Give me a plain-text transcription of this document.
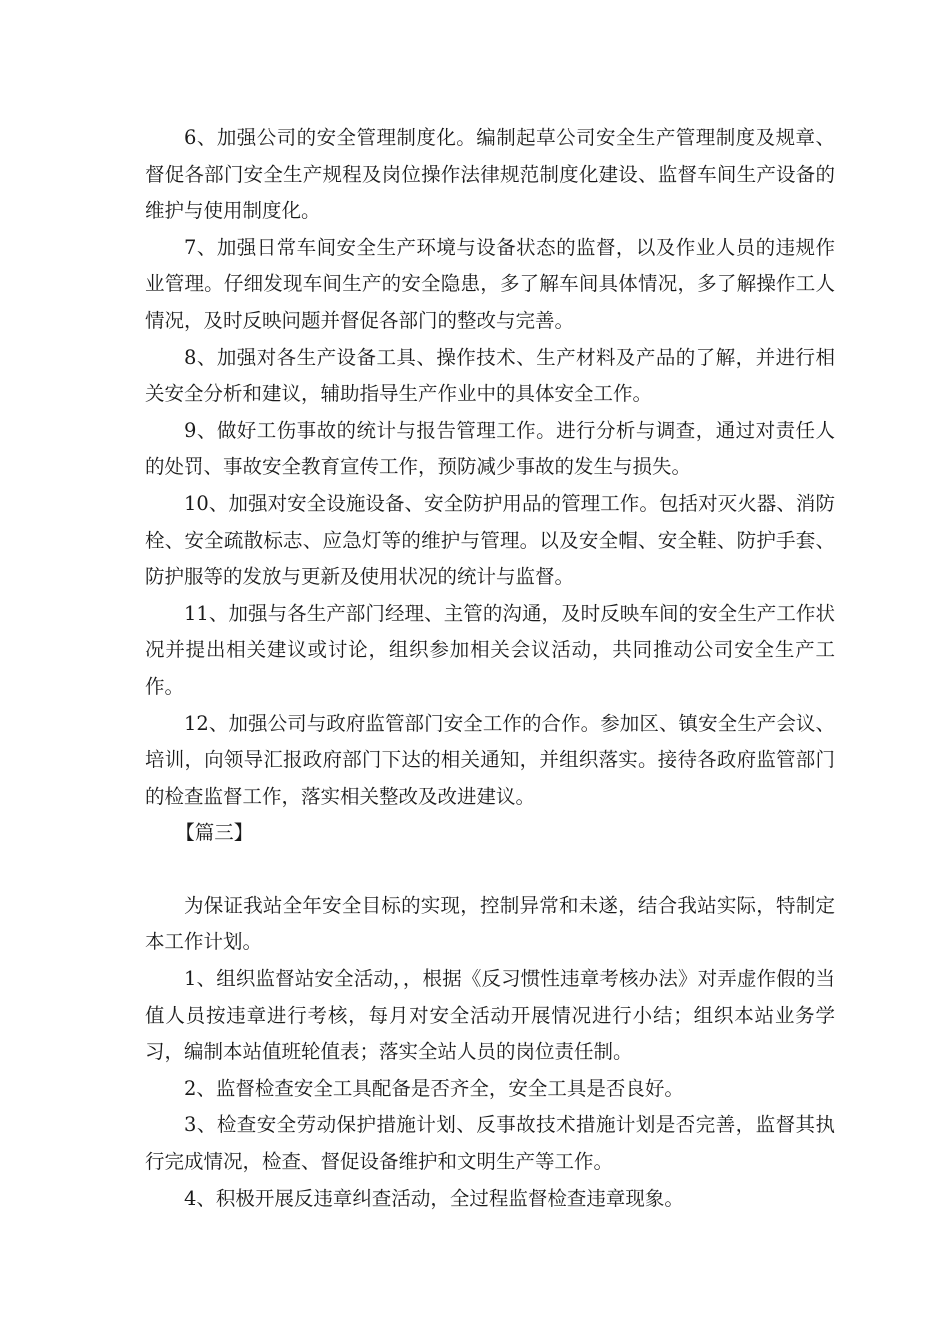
6、加强公司的安全管理制度化。编制起草公司安全生产管理制度及规章、督促各部门安全生产规程及岗位操作法律规范制度化建设、监督车间生产设备的维护与使用制度化。

7、加强日常车间安全生产环境与设备状态的监督，以及作业人员的违规作业管理。仔细发现车间生产的安全隐患，多了解车间具体情况，多了解操作工人情况，及时反映问题并督促各部门的整改与完善。

8、加强对各生产设备工具、操作技术、生产材料及产品的了解，并进行相关安全分析和建议，辅助指导生产作业中的具体安全工作。

9、做好工伤事故的统计与报告管理工作。进行分析与调查，通过对责任人的处罚、事故安全教育宣传工作，预防减少事故的发生与损失。

10、加强对安全设施设备、安全防护用品的管理工作。包括对灭火器、消防栓、安全疏散标志、应急灯等的维护与管理。以及安全帽、安全鞋、防护手套、防护服等的发放与更新及使用状况的统计与监督。

11、加强与各生产部门经理、主管的沟通，及时反映车间的安全生产工作状况并提出相关建议或讨论，组织参加相关会议活动，共同推动公司安全生产工作。

12、加强公司与政府监管部门安全工作的合作。参加区、镇安全生产会议、培训，向领导汇报政府部门下达的相关通知，并组织落实。接待各政府监管部门的检查监督工作，落实相关整改及改进建议。

【篇三】

为保证我站全年安全目标的实现，控制异常和未遂，结合我站实际，特制定本工作计划。

1、组织监督站安全活动，，根据《反习惯性违章考核办法》对弄虚作假的当值人员按违章进行考核，每月对安全活动开展情况进行小结；组织本站业务学习，编制本站值班轮值表；落实全站人员的岗位责任制。

2、监督检查安全工具配备是否齐全，安全工具是否良好。

3、检查安全劳动保护措施计划、反事故技术措施计划是否完善，监督其执行完成情况，检查、督促设备维护和文明生产等工作。

4、积极开展反违章纠查活动，全过程监督检查违章现象。
